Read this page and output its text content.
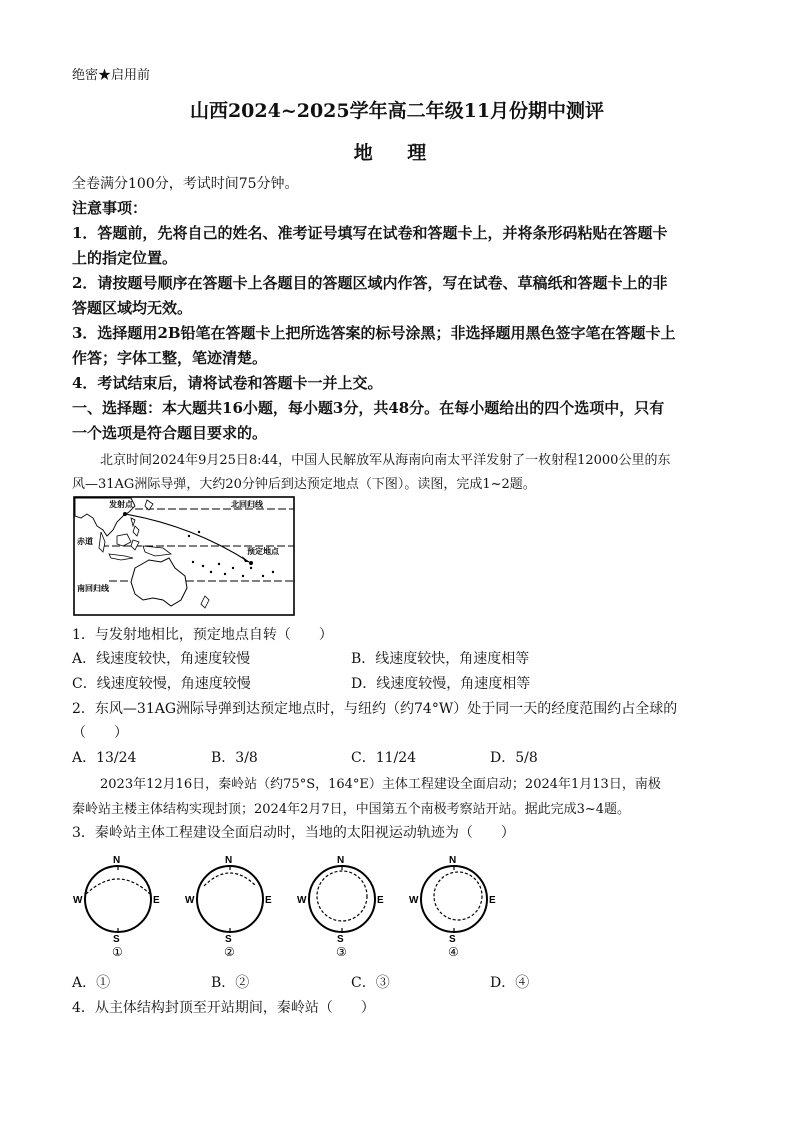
绝密★启用前
山西2024~2025学年高二年级11月份期中测评
地 理
全卷满分100分，考试时间75分钟。
注意事项：
1．答题前，先将自己的姓名、准考证号填写在试卷和答题卡上，并将条形码粘贴在答题卡
上的指定位置。
2．请按题号顺序在答题卡上各题目的答题区域内作答，写在试卷、草稿纸和答题卡上的非
答题区域均无效。
3．选择题用2B铅笔在答题卡上把所选答案的标号涂黑；非选择题用黑色签字笔在答题卡上
作答；字体工整，笔迹清楚。
4．考试结束后，请将试卷和答题卡一并上交。
一、选择题：本大题共16小题，每小题3分，共48分。在每小题给出的四个选项中，只有
一个选项是符合题目要求的。
北京时间2024年9月25日8:44，中国人民解放军从海南向南太平洋发射了一枚射程12000公里的东
风—31AG洲际导弹，大约20分钟后到达预定地点（下图）。读图，完成1~2题。
发射点	北回归线
赤道
预定地点
南回归线
1．与发射地相比，预定地点自转（　　）
A．线速度较快，角速度较慢	B．线速度较快，角速度相等
C．线速度较慢，角速度较慢	D．线速度较慢，角速度相等
2．东风—31AG洲际导弹到达预定地点时，与纽约（约74°W）处于同一天的经度范围约占全球的
（　　）
A．13/24	B．3/8	C．11/24	D．5/8
2023年12月16日，秦岭站（约75°S，164°E）主体工程建设全面启动；2024年1月13日，南极
秦岭站主楼主体结构实现封顶；2024年2月7日，中国第五个南极考察站开站。据此完成3~4题。
3．秦岭站主体工程建设全面启动时，当地的太阳视运动轨迹为（　　）
N
S
W	E
①
N
S
W	E
②
N
S
W	E
③
N
S
W	E
④
A．①	B．②	C．③	D．④
4．从主体结构封顶至开站期间，秦岭站（　　）
